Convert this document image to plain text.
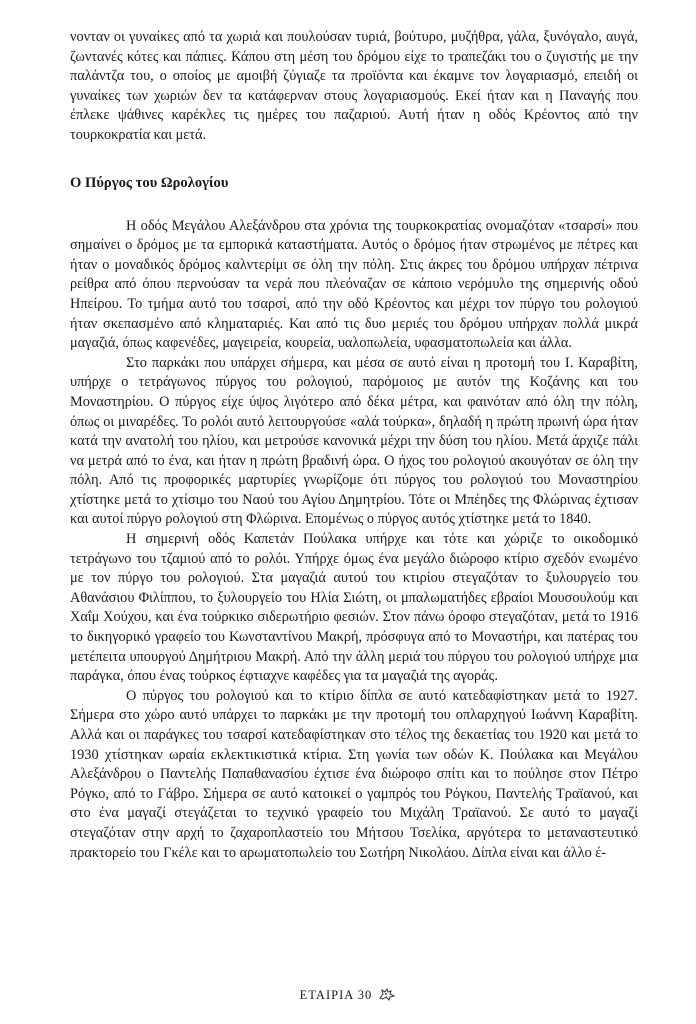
νονταν οι γυναίκες από τα χωριά και πουλούσαν τυριά, βούτυρο, μυζήθρα, γάλα, ξυνόγαλο, αυγά, ζωντανές κότες και πάπιες. Κάπου στη μέση του δρόμου είχε το τραπεζάκι του ο ζυγιστής με την παλάντζα του, ο οποίος με αμοιβή ζύγιαζε τα προϊόντα και έκαμνε τον λογαριασμό, επειδή οι γυναίκες των χωριών δεν τα κατάφερναν στους λογαριασμούς. Εκεί ήταν και η Παναγής που έπλεκε ψάθινες καρέκλες τις ημέρες του παζαριού. Αυτή ήταν η οδός Κρέοντος από την τουρκοκρατία και μετά.

Ο Πύργος του Ωρολογίου

Η οδός Μεγάλου Αλεξάνδρου στα χρόνια της τουρκοκρατίας ονομαζόταν «τσαρσί» που σημαίνει ο δρόμος με τα εμπορικά καταστήματα. Αυτός ο δρόμος ήταν στρωμένος με πέτρες και ήταν ο μοναδικός δρόμος καλντερίμι σε όλη την πόλη. Στις άκρες του δρόμου υπήρχαν πέτρινα ρείθρα από όπου περνούσαν τα νερά που πλεόναζαν σε κάποιο νερόμυλο της σημερινής οδού Ηπείρου. Το τμήμα αυτό του τσαρσί, από την οδό Κρέοντος και μέχρι τον πύργο του ρολογιού ήταν σκεπασμένο από κληματαριές. Και από τις δυο μεριές του δρόμου υπήρχαν πολλά μικρά μαγαζιά, όπως καφενέδες, μαγειρεία, κουρεία, υαλοπωλεία, υφασματοπωλεία και άλλα.

Στο παρκάκι που υπάρχει σήμερα, και μέσα σε αυτό είναι η προτομή του Ι. Καραβίτη, υπήρχε ο τετράγωνος πύργος του ρολογιού, παρόμοιος με αυτόν της Κοζάνης και του Μοναστηρίου. Ο πύργος είχε ύψος λιγότερο από δέκα μέτρα, και φαινόταν από όλη την πόλη, όπως οι μιναρέδες. Το ρολόι αυτό λειτουργούσε «αλά τούρκα», δηλαδή η πρώτη πρωινή ώρα ήταν κατά την ανατολή του ηλίου, και μετρούσε κανονικά μέχρι την δύση του ηλίου. Μετά άρχιζε πάλι να μετρά από το ένα, και ήταν η πρώτη βραδινή ώρα. Ο ήχος του ρολογιού ακουγόταν σε όλη την πόλη. Από τις προφορικές μαρτυρίες γνωρίζομε ότι πύργος του ρολογιού του Μοναστηρίου χτίστηκε μετά το χτίσιμο του Ναού του Αγίου Δημητρίου. Τότε οι Μπέηδες της Φλώρινας έχτισαν και αυτοί πύργο ρολογιού στη Φλώρινα. Επομένως ο πύργος αυτός χτίστηκε μετά το 1840.

Η σημερινή οδός Καπετάν Πούλακα υπήρχε και τότε και χώριζε το οικοδομικό τετράγωνο του τζαμιού από το ρολόι. Υπήρχε όμως ένα μεγάλο διώροφο κτίριο σχεδόν ενωμένο με τον πύργο του ρολογιού. Στα μαγαζιά αυτού του κτιρίου στεγαζόταν το ξυλουργείο του Αθανάσιου Φιλίππου, το ξυλουργείο του Ηλία Σιώτη, οι μπαλωματήδες εβραίοι Μουσουλούμ και Χαΐμ Χούχου, και ένα τούρκικο σιδερωτήριο φεσιών. Στον πάνω όροφο στεγαζόταν, μετά το 1916 το δικηγορικό γραφείο του Κωνσταντίνου Μακρή, πρόσφυγα από το Μοναστήρι, και πατέρας του μετέπειτα υπουργού Δημήτριου Μακρή. Από την άλλη μεριά του πύργου του ρολογιού υπήρχε μια παράγκα, όπου ένας τούρκος έφτιαχνε καφέδες για τα μαγαζιά της αγοράς.

Ο πύργος του ρολογιού και το κτίριο δίπλα σε αυτό κατεδαφίστηκαν μετά το 1927. Σήμερα στο χώρο αυτό υπάρχει το παρκάκι με την προτομή του οπλαρχηγού Ιωάννη Καραβίτη. Αλλά και οι παράγκες του τσαρσί κατεδαφίστηκαν στο τέλος της δεκαετίας του 1920 και μετά το 1930 χτίστηκαν ωραία εκλεκτικιστικά κτίρια. Στη γωνία των οδών Κ. Πούλακα και Μεγάλου Αλεξάνδρου ο Παντελής Παπαθανασίου έχτισε ένα διώροφο σπίτι και το πούλησε στον Πέτρο Ρόγκο, από το Γάβρο. Σήμερα σε αυτό κατοικεί ο γαμπρός του Ρόγκου, Παντελής Τραϊανού, και στο ένα μαγαζί στεγάζεται το τεχνικό γραφείο του Μιχάλη Τραϊανού. Σε αυτό το μαγαζί στεγαζόταν στην αρχή το ζαχαροπλαστείο του Μήτσου Τσελίκα, αργότερα το μεταναστευτικό πρακτορείο του Γκέλε και το αρωματοπωλείο του Σωτήρη Νικολάου. Δίπλα είναι και άλλο έ-

ΕΤΑΙΡΙΑ 30
